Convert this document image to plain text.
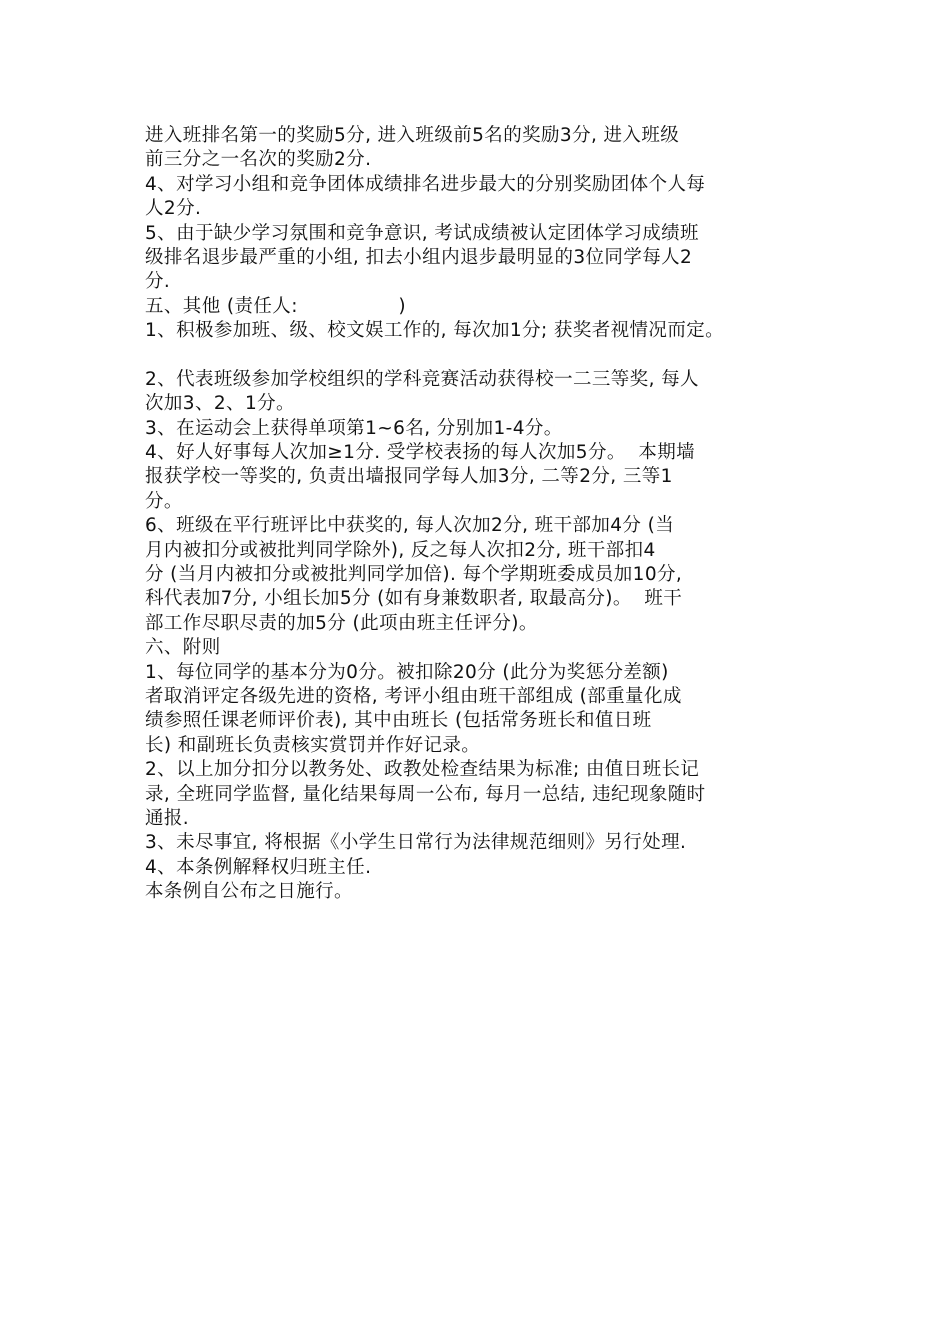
进入班排名第一的奖励5分, 进入班级前5名的奖励3分, 进入班级
前三分之一名次的奖励2分.
4、对学习小组和竞争团体成绩排名进步最大的分别奖励团体个人每
人2分.
5、由于缺少学习氛围和竞争意识, 考试成绩被认定团体学习成绩班
级排名退步最严重的小组, 扣去小组内退步最明显的3位同学每人2
分.
五、其他 (责任人:                )
1、积极参加班、级、校文娱工作的, 每次加1分; 获奖者视情况而定。
2、代表班级参加学校组织的学科竞赛活动获得校一二三等奖, 每人
次加3、2、1分。
3、在运动会上获得单项第1~6名, 分别加1-4分。
4、好人好事每人次加≥1分. 受学校表扬的每人次加5分。  本期墙
报获学校一等奖的, 负责出墙报同学每人加3分, 二等2分, 三等1
分。
6、班级在平行班评比中获奖的, 每人次加2分, 班干部加4分 (当
月内被扣分或被批判同学除外), 反之每人次扣2分, 班干部扣4
分 (当月内被扣分或被批判同学加倍). 每个学期班委成员加10分,
科代表加7分, 小组长加5分 (如有身兼数职者, 取最高分)。  班干
部工作尽职尽责的加5分 (此项由班主任评分)。
六、附则
1、每位同学的基本分为0分。被扣除20分 (此分为奖惩分差额)
者取消评定各级先进的资格, 考评小组由班干部组成 (部重量化成
绩参照任课老师评价表), 其中由班长 (包括常务班长和值日班
长) 和副班长负责核实赏罚并作好记录。
2、以上加分扣分以教务处、政教处检查结果为标准; 由值日班长记
录, 全班同学监督, 量化结果每周一公布, 每月一总结, 违纪现象随时
通报.
3、未尽事宜, 将根据《小学生日常行为法律规范细则》另行处理.
4、本条例解释权归班主任.
本条例自公布之日施行。
